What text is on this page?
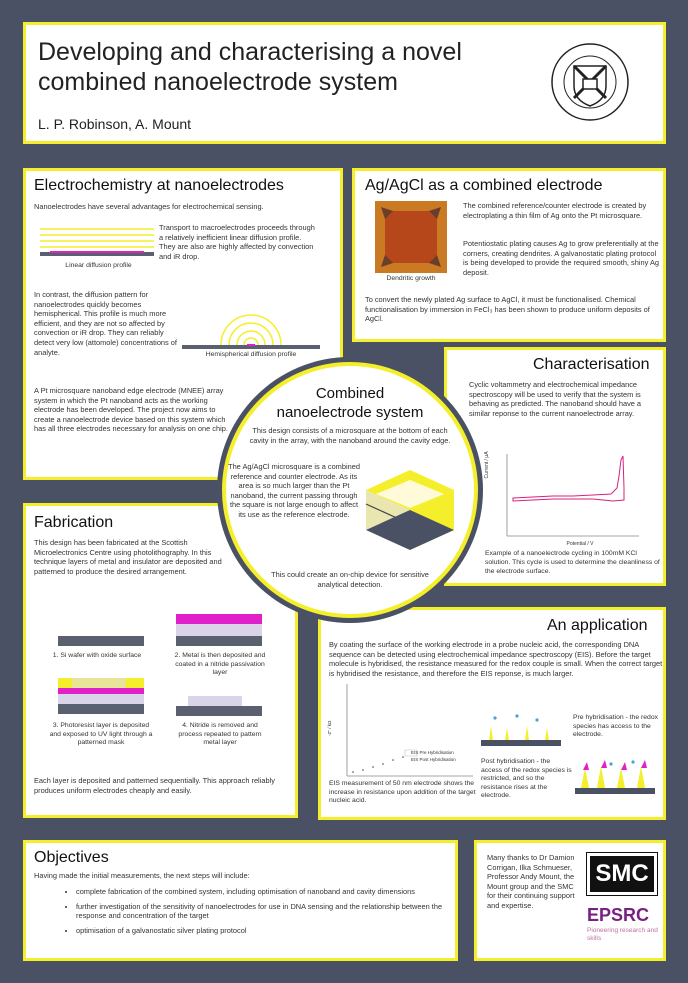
Developing and characterising a novel
combined nanoelectrode system
L. P. Robinson, A. Mount
Electrochemistry at nanoelectrodes
Nanoelectrodes have several advantages for electrochemical sensing.
Linear diffusion profile
Transport to macroelectrodes proceeds through a relatively inefficient linear diffusion profile. They are also are highly affected by convection and iR drop.
In contrast, the diffusion pattern for nanoelectrodes quickly becomes hemispherical. This profile is much more efficient, and they are not so affected by convection or iR drop. They can reliably detect very low (attomole) concentrations of analyte.	Hemispherical diffusion profile
A Pt microsquare nanoband edge electrode (MNEE) array system in which the Pt nanoband acts as the working electrode has been developed. The project now aims to create a nanoelectrode device based on this system which has all three electrodes necessary for analysis on one chip.
Ag/AgCl as a combined electrode
Dendritic growth
The combined reference/counter electrode is created by electroplating a thin film of Ag onto the Pt microsquare.
Potentiostatic plating causes Ag to grow preferentially at the corners, creating dendrites. A galvanostatic plating protocol is being developed to provide the required smooth, shiny Ag deposit.
To convert the newly plated Ag surface to AgCl, it must be functionalised. Chemical functionalisation by immersion in FeCl₃ has been shown to produce uniform deposits of AgCl.
Characterisation
Cyclic voltammetry and electrochemical impedance spectroscopy will be used to verify that the system is behaving as predicted. The nanoband should have a similar reponse to the current nanoelectrode array.
Potential / V
Current / μA
Example of a nanoelectrode cycling in 100mM KCl solution. This cycle is used to determine the cleanliness of the electrode surface.
Fabrication
This design has been fabricated at the Scottish Microelectronics Centre using photolithography. In this technique layers of metal and insulator are deposited and patterned to produce the desired arrangement.
1. Si wafer with oxide surface	2. Metal is then deposited and coated in a nitride passivation layer
3. Photoresist layer is deposited and exposed to UV light through a patterned mask
4. Nitride is removed and process repeated to pattern metal layer
Each layer is deposited and patterned sequentially. This approach reliably produces uniform electrodes cheaply and easily.
An application
By coating the surface of the working electrode in a probe nucleic acid, the corresponding DNA sequence can be detected using electrochemical impedance spectroscopy (EIS). Before the target molecule is hybridised, the resistance measured for the redox couple is small. When the correct target is hybridised the resistance, and therefore the EIS reponse, is much larger.
EIS Pre Hybridisation
EIS Post Hybridisation
-Z'' / kΩ
EIS measurement of 50 nm electrode shows the increase in resistance upon addition of the target nucleic acid.
Pre hybridisation - the redox species has access to the electrode.
Post hybridisation - the access of the redox species is restricted, and so the resistance rises at the electrode.
Combined
nanoelectrode system
This design consists of a microsquare at the bottom of each cavity in the array, with the nanoband around the cavity edge.
The Ag/AgCl microsquare is a combined reference and counter electrode. As its area is so much larger than the Pt nanoband, the current passing through the square is not large enough to affect its use as the reference electrode.
This could create an on-chip device for sensitive analytical detection.
Objectives
Having made the initial measurements, the next steps will include:
• complete fabrication of the combined system, including optimisation of nanoband and cavity dimensions
• further investigation of the sensitivity of nanoelectrodes for use in DNA sensing and the relationship between the response and concentration of the target
• optimisation of a galvanostatic silver plating protocol
Many thanks to Dr Damion Corrigan, Ilka Schmueser, Professor Andy Mount, the Mount group and the SMC for their continuing support and expertise.
SMC
EPSRC
Pioneering research and skills
